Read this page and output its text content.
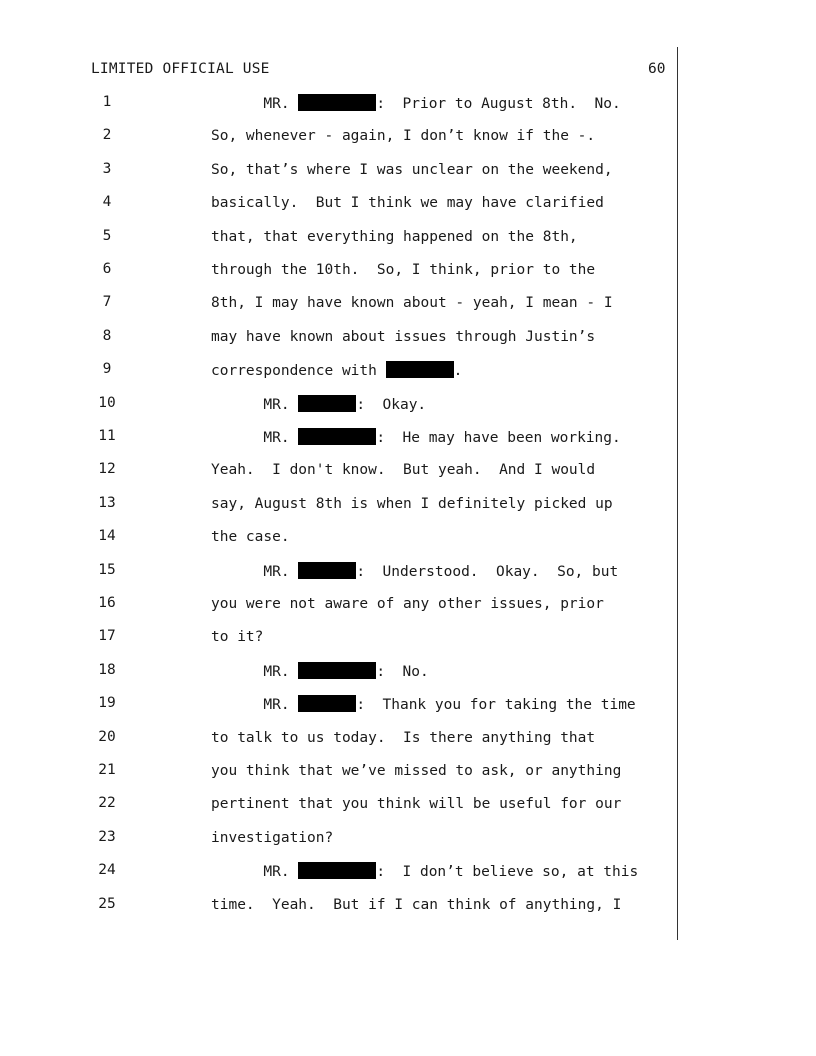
LIMITED OFFICIAL USE	60
1	MR.	:  Prior to August 8th.  No.
2	So, whenever - again, I don’t know if the -.
3	So, that’s where I was unclear on the weekend,
4	basically.  But I think we may have clarified
5	that, that everything happened on the 8th,
6	through the 10th.  So, I think, prior to the
7	8th, I may have known about - yeah, I mean - I
8	may have known about issues through Justin’s
9	correspondence with	.
10	MR.	:  Okay.
11	MR.	:  He may have been working.
12	Yeah.  I don't know.  But yeah.  And I would
13	say, August 8th is when I definitely picked up
14	the case.
15	MR.	:  Understood.  Okay.  So, but
16	you were not aware of any other issues, prior
17	to it?
18	MR.	:  No.
19	MR.	:  Thank you for taking the time
20	to talk to us today.  Is there anything that
21	you think that we’ve missed to ask, or anything
22	pertinent that you think will be useful for our
23	investigation?
24	MR.	:  I don’t believe so, at this
25	time.  Yeah.  But if I can think of anything, I
